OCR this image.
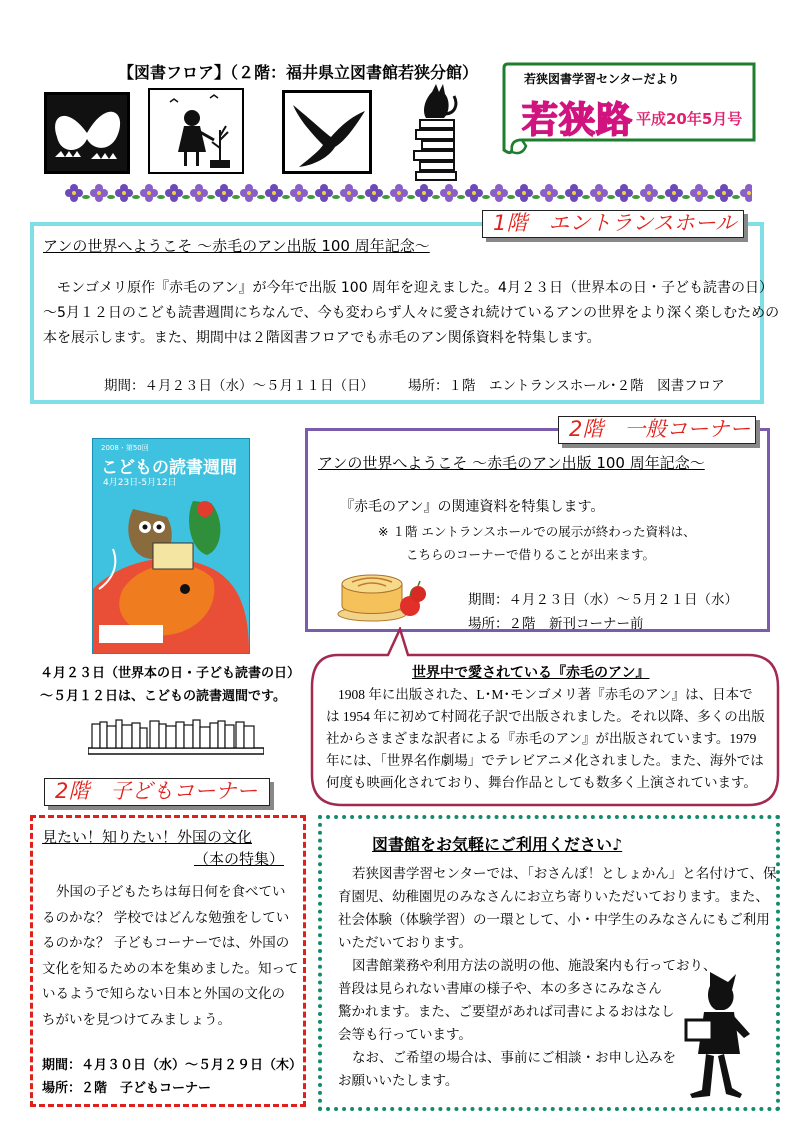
【図書フロア】（２階：福井県立図書館若狭分館）	若狭図書学習センターだより
若狭路 平成20年5月号
1階　エントランスホール
アンの世界へようこそ ～赤毛のアン出版 100 周年記念～
モンゴメリ原作『赤毛のアン』が今年で出版 100 周年を迎えました。4月２３日（世界本の日・子ども読書の日）
～5月１２日のこども読書週間にちなんで、今も変わらず人々に愛され続けているアンの世界をより深く楽しむための
本を展示します。また、期間中は２階図書フロアでも赤毛のアン関係資料を特集します。
期間：４月２３日（水）～５月１１日（日）	場所：１階　エントランスホール･２階　図書フロア
2008・第50回
こどもの読書週間
4月23日-5月12日
2階　一般コーナー
アンの世界へようこそ ～赤毛のアン出版 100 周年記念～
『赤毛のアン』の関連資料を特集します。
※ １階 エントランスホールでの展示が終わった資料は、
こちらのコーナーで借りることが出来ます。
期間：４月２３日（水）～５月２１日（水）
場所：２階　新刊コーナー前
４月２３日（世界本の日・子ども読書の日）
～５月１２日は、こどもの読書週間です。
世界中で愛されている『赤毛のアン』
1908 年に出版された、L･M･モンゴメリ著『赤毛のアン』は、日本で
は 1954 年に初めて村岡花子訳で出版されました。それ以降、多くの出版
社からさまざまな訳者による『赤毛のアン』が出版されています。1979
年には、「世界名作劇場」でテレビアニメ化されました。また、海外では
何度も映画化されており、舞台作品としても数多く上演されています。
2階　子どもコーナー
見たい！知りたい！外国の文化
（本の特集）
外国の子どもたちは毎日何を食べてい
るのかな？ 学校ではどんな勉強をしてい
るのかな？ 子どもコーナーでは、外国の
文化を知るための本を集めました。知って
いるようで知らない日本と外国の文化の
ちがいを見つけてみましょう。
期間：４月３０日（水）～５月２９日（木）
場所：２階　子どもコーナー
図書館をお気軽にご利用ください♪
若狭図書学習センターでは、「おさんぽ！としょかん」と名付けて、保
育園児、幼稚園児のみなさんにお立ち寄りいただいております。また、
社会体験（体験学習）の一環として、小・中学生のみなさんにもご利用
いただいております。
図書館業務や利用方法の説明の他、施設案内も行っており、
普段は見られない書庫の様子や、本の多さにみなさん
驚かれます。また、ご要望があれば司書によるおはなし
会等も行っています。
なお、ご希望の場合は、事前にご相談・お申し込みを
お願いいたします。
